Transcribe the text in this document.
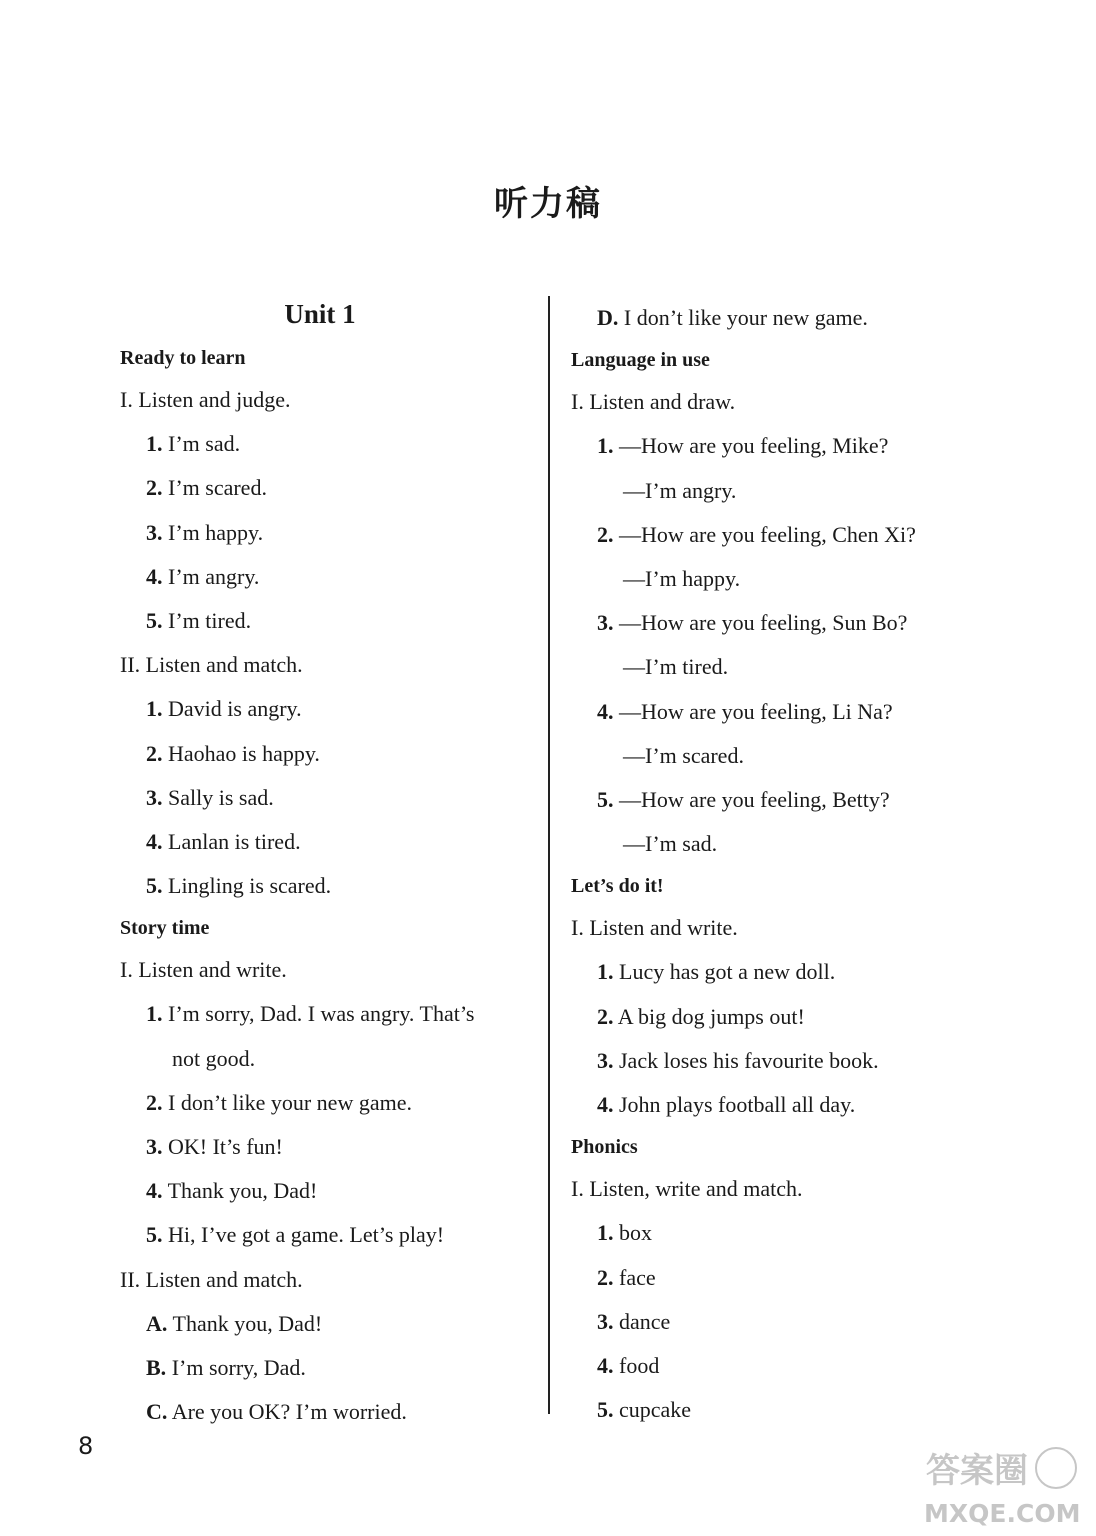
听力稿
Unit 1
Ready to learn
I. Listen and judge.
1. I’m sad.
2. I’m scared.
3. I’m happy.
4. I’m angry.
5. I’m tired.
II. Listen and match.
1. David is angry.
2. Haohao is happy.
3. Sally is sad.
4. Lanlan is tired.
5. Lingling is scared.
Story time
I. Listen and write.
1. I’m sorry, Dad. I was angry. That’s
not good.
2. I don’t like your new game.
3. OK! It’s fun!
4. Thank you, Dad!
5. Hi, I’ve got a game. Let’s play!
II. Listen and match.
A. Thank you, Dad!
B. I’m sorry, Dad.
C. Are you OK? I’m worried.
D. I don’t like your new game.
Language in use
I. Listen and draw.
1. —How are you feeling, Mike?
—I’m angry.
2. —How are you feeling, Chen Xi?
—I’m happy.
3. —How are you feeling, Sun Bo?
—I’m tired.
4. —How are you feeling, Li Na?
—I’m scared.
5. —How are you feeling, Betty?
—I’m sad.
Let’s do it!
I. Listen and write.
1. Lucy has got a new doll.
2. A big dog jumps out!
3. Jack loses his favourite book.
4. John plays football all day.
Phonics
I. Listen, write and match.
1. box
2. face
3. dance
4. food
5. cupcake
8
答案圈
MXQE.COM
